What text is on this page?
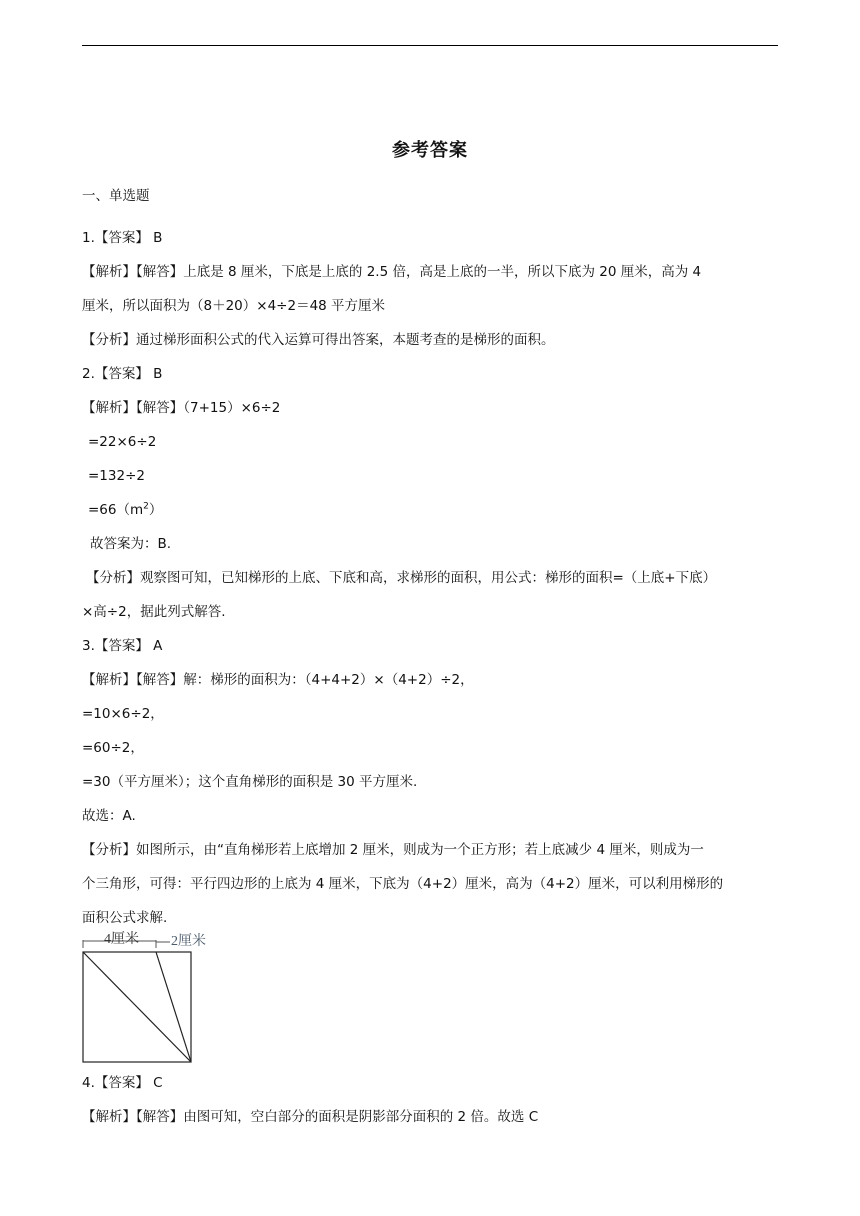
参考答案
一、单选题
1.【答案】 B
【解析】【解答】上底是 8 厘米，下底是上底的 2.5 倍，高是上底的一半，所以下底为 20 厘米，高为 4
厘米，所以面积为（8＋20）×4÷2＝48 平方厘米
【分析】通过梯形面积公式的代入运算可得出答案，本题考查的是梯形的面积。
2.【答案】 B
【解析】【解答】（7+15）×6÷2
=22×6÷2
=132÷2
$=66(m^2)$
故答案为：B.
【分析】观察图可知，已知梯形的上底、下底和高，求梯形的面积，用公式：梯形的面积=（上底+下底）
×高÷2，据此列式解答.
3.【答案】 A
【解析】【解答】解：梯形的面积为：（4+4+2）×（4+2）÷2，
=10×6÷2，
=60÷2，
=30（平方厘米）；这个直角梯形的面积是 30 平方厘米.
故选：A.
【分析】如图所示，由“直角梯形若上底增加 2 厘米，则成为一个正方形；若上底减少 4 厘米，则成为一
个三角形，可得：平行四边形的上底为 4 厘米，下底为（4+2）厘米，高为（4+2）厘米，可以利用梯形的
面积公式求解.
4厘米 2厘米
4.【答案】 C
【解析】【解答】由图可知，空白部分的面积是阴影部分面积的 2 倍。故选 C
